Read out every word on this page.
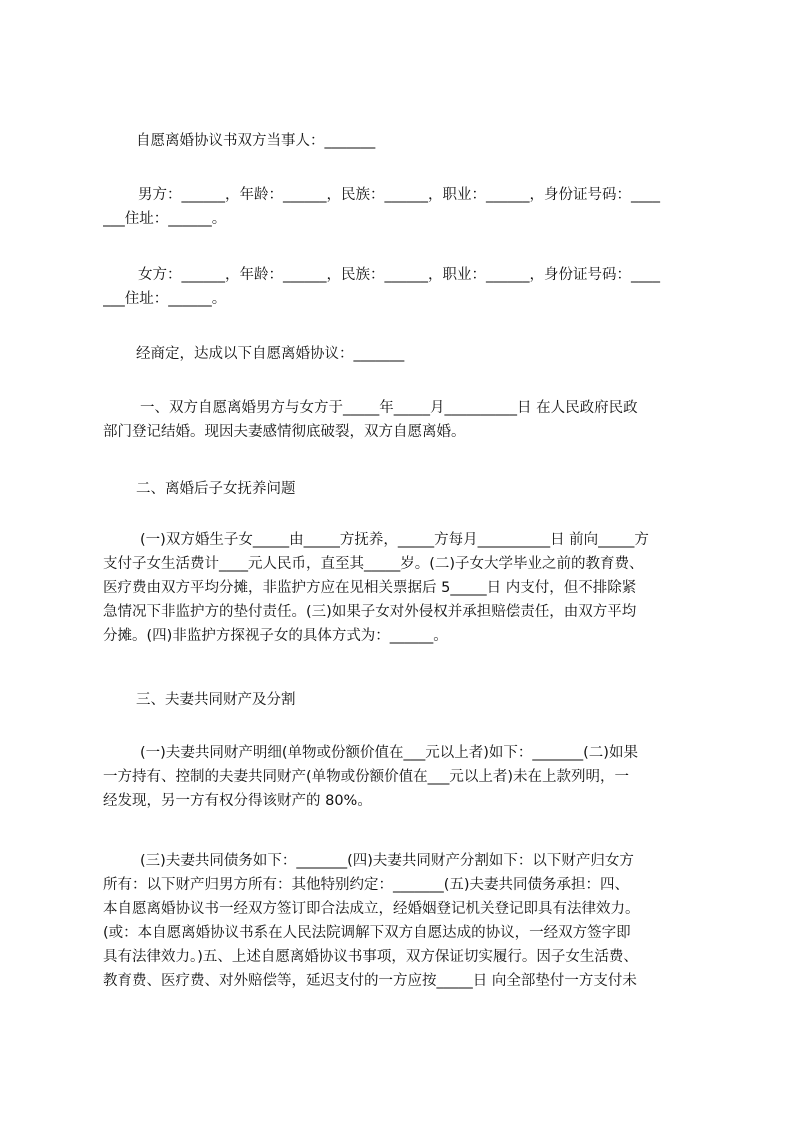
自愿离婚协议书双方当事人：_______

男方：______，年龄：______，民族：______，职业：______，身份证号码：____
___住址：______。

女方：______，年龄：______，民族：______，职业：______，身份证号码：____
___住址：______。

经商定，达成以下自愿离婚协议：_______

一、双方自愿离婚男方与女方于_____年_____月__________日 在人民政府民政
部门登记结婚。现因夫妻感情彻底破裂，双方自愿离婚。

二、离婚后子女抚养问题

(一)双方婚生子女_____由_____方抚养，_____方每月__________日 前向_____方
支付子女生活费计____元人民币，直至其_____岁。(二)子女大学毕业之前的教育费、
医疗费由双方平均分摊，非监护方应在见相关票据后 5_____日 内支付，但不排除紧
急情况下非监护方的垫付责任。(三)如果子女对外侵权并承担赔偿责任，由双方平均
分摊。(四)非监护方探视子女的具体方式为：______。

三、夫妻共同财产及分割

(一)夫妻共同财产明细(单物或份额价值在___元以上者)如下：_______(二)如果
一方持有、控制的夫妻共同财产(单物或份额价值在___元以上者)未在上款列明，一
经发现，另一方有权分得该财产的 80%。

(三)夫妻共同债务如下：_______(四)夫妻共同财产分割如下：以下财产归女方
所有：以下财产归男方所有：其他特别约定：_______(五)夫妻共同债务承担：四、
本自愿离婚协议书一经双方签订即合法成立，经婚姻登记机关登记即具有法律效力。
(或：本自愿离婚协议书系在人民法院调解下双方自愿达成的协议，一经双方签字即
具有法律效力。)五、上述自愿离婚协议书事项，双方保证切实履行。因子女生活费、
教育费、医疗费、对外赔偿等，延迟支付的一方应按_____日 向全部垫付一方支付未
